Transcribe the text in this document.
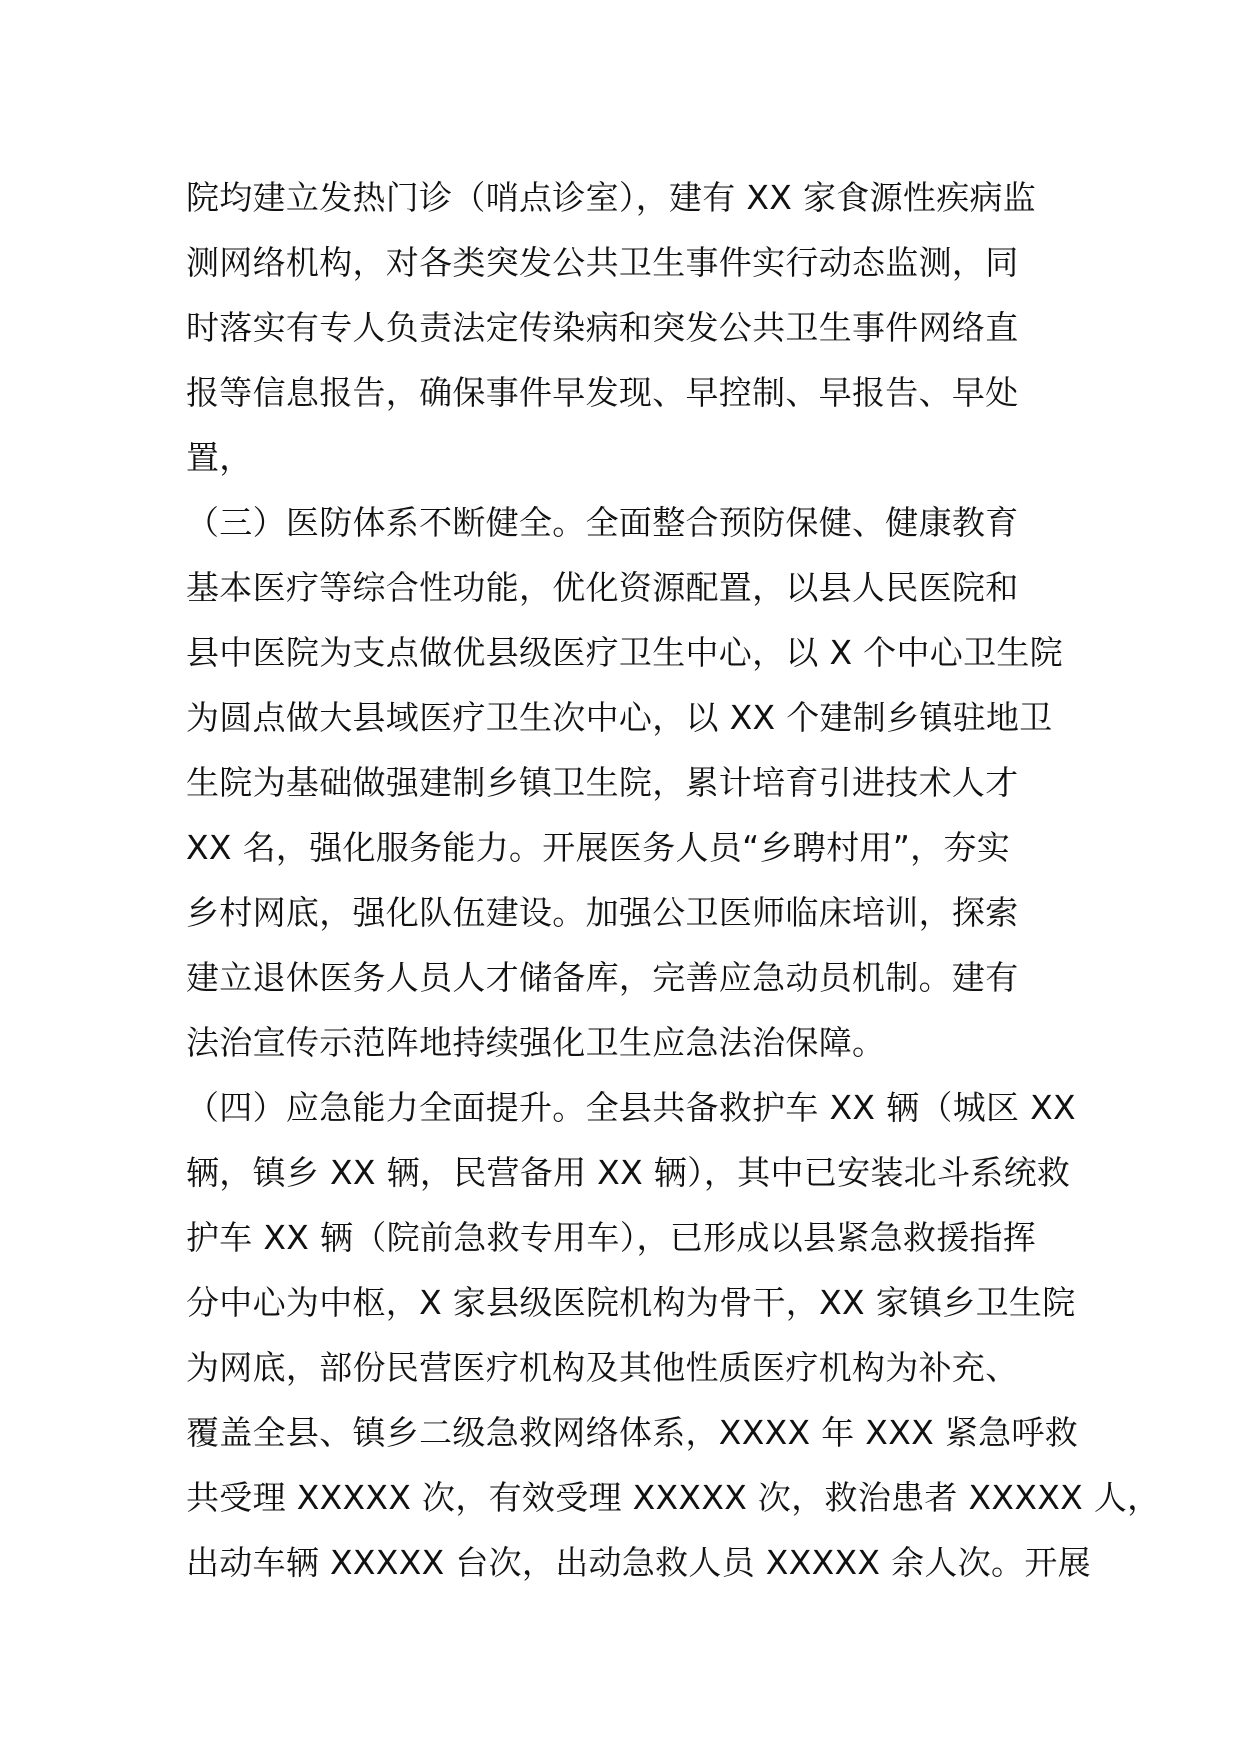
院均建立发热门诊（哨点诊室），建有 XX 家食源性疾病监
测网络机构，对各类突发公共卫生事件实行动态监测，同
时落实有专人负责法定传染病和突发公共卫生事件网络直
报等信息报告，确保事件早发现、早控制、早报告、早处
置，
（三）医防体系不断健全。全面整合预防保健、健康教育
基本医疗等综合性功能，优化资源配置，以县人民医院和
县中医院为支点做优县级医疗卫生中心，以 X 个中心卫生院
为圆点做大县域医疗卫生次中心，以 XX 个建制乡镇驻地卫
生院为基础做强建制乡镇卫生院，累计培育引进技术人才
XX 名，强化服务能力。开展医务人员“乡聘村用”，夯实
乡村网底，强化队伍建设。加强公卫医师临床培训，探索
建立退休医务人员人才储备库，完善应急动员机制。建有
法治宣传示范阵地持续强化卫生应急法治保障。
（四）应急能力全面提升。全县共备救护车 XX 辆（城区 XX
辆，镇乡 XX 辆，民营备用 XX 辆），其中已安装北斗系统救
护车 XX 辆（院前急救专用车），已形成以县紧急救援指挥
分中心为中枢，X 家县级医院机构为骨干，XX 家镇乡卫生院
为网底，部份民营医疗机构及其他性质医疗机构为补充、
覆盖全县、镇乡二级急救网络体系，XXXX 年 XXX 紧急呼救
共受理 XXXXX 次，有效受理 XXXXX 次，救治患者 XXXXX 人，
出动车辆 XXXXX 台次，出动急救人员 XXXXX 余人次。开展
